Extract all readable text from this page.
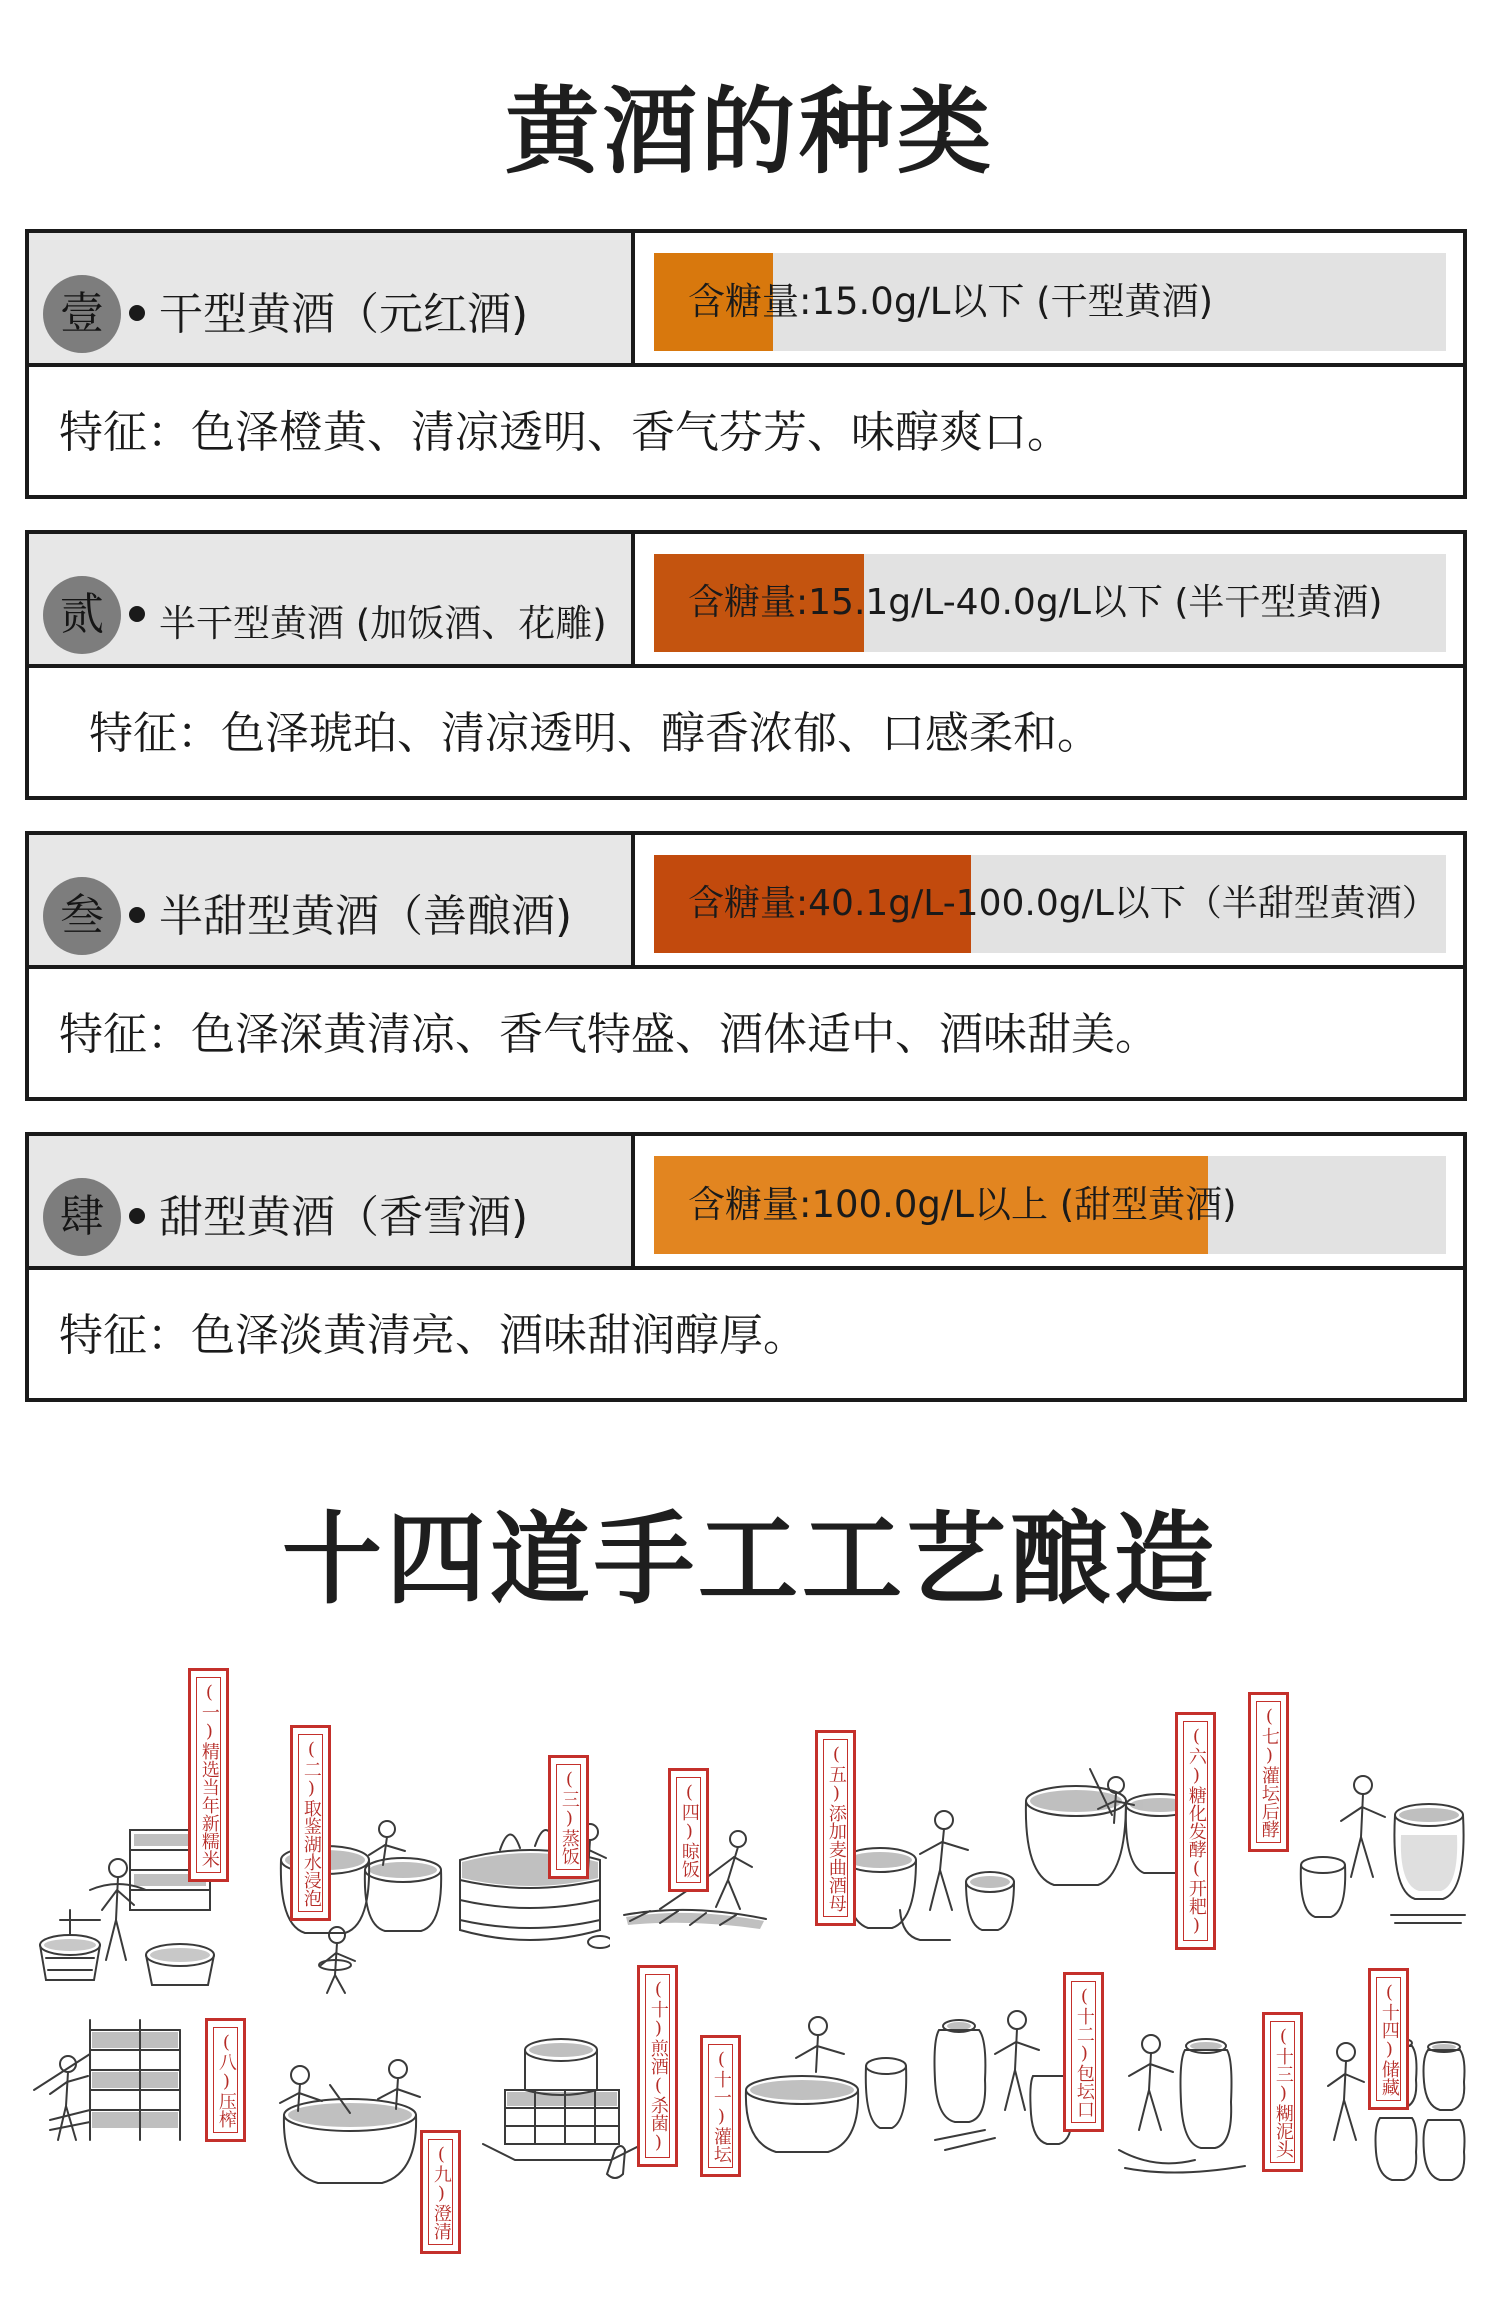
黄酒的种类
壹	干型黄酒（元红酒)	含糖量:15.0g/L以下 (干型黄酒)
特征：色泽橙黄、清凉透明、香气芬芳、味醇爽口。
贰	半干型黄酒 (加饭酒、花雕) 含糖量:15.1g/L-40.0g/L以下 (半干型黄酒)
特征：色泽琥珀、清凉透明、醇香浓郁、口感柔和。
叁	半甜型黄酒（善酿酒)	含糖量:40.1g/L-100.0g/L以下（半甜型黄酒）
特征：色泽深黄清凉、香气特盛、酒体适中、酒味甜美。
肆	甜型黄酒（香雪酒)	含糖量:100.0g/L以上 (甜型黄酒)
特征：色泽淡黄清亮、酒味甜润醇厚。
十四道手工工艺酿造
(一)精选当年新糯米	(二)取鉴湖水浸泡	(三)蒸饭	(四)晾饭	(五)添加麦曲酒母	(六)糖化发酵(开耙)	(七)灌坛后酵
(八)压榨
(九)澄清
(十)煎酒(杀菌) (十一)灌坛	(十二)包坛口	(十三)糊泥头	(十四)储藏
